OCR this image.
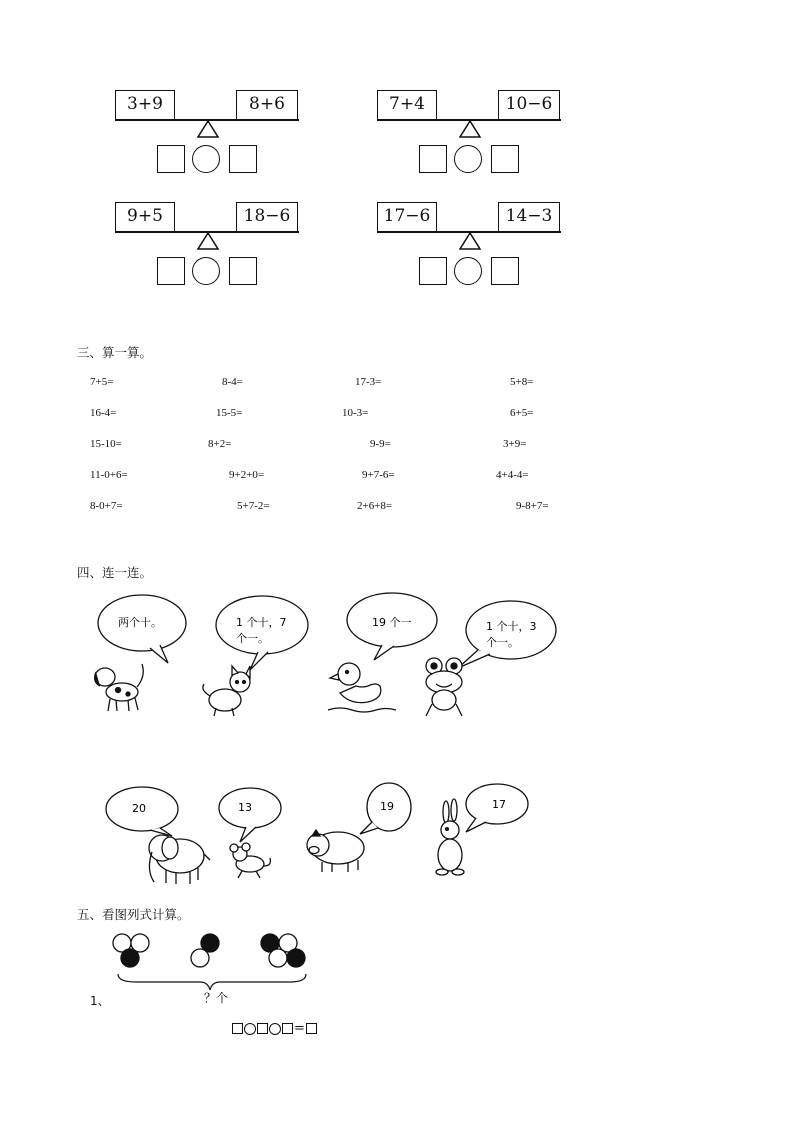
3+9	8+6	7+4	10−6
9+5	18−6	17−6	14−3
三、算一算。
7+5=	8-4=	17-3=	5+8=
16-4=	15-5=	10-3=	6+5=
15-10=	8+2=	9-9=	3+9=
11-0+6=	9+2+0=	9+7-6=	4+4-4=
8-0+7=	5+7-2=	2+6+8=	9-8+7=
四、连一连。
两个十。	1 个十，7
个一。
19 个一	1 个十，3
个一。
20	13	19	17
五、看图列式计算。
？个
1、
=
